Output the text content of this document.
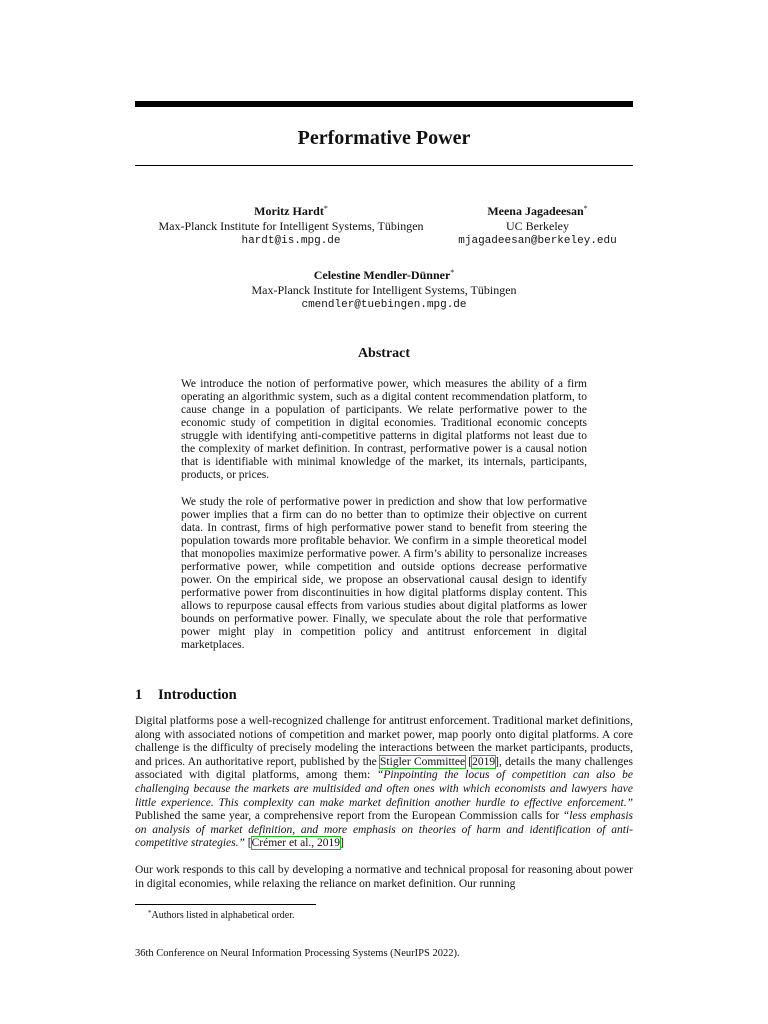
Performative Power
Moritz Hardt*
Max-Planck Institute for Intelligent Systems, Tübingen
hardt@is.mpg.de
Meena Jagadeesan*
UC Berkeley
mjagadeesan@berkeley.edu
Celestine Mendler-Dünner*
Max-Planck Institute for Intelligent Systems, Tübingen
cmendler@tuebingen.mpg.de
Abstract

We introduce the notion of performative power, which measures the ability of a firm operating an algorithmic system, such as a digital content recommendation platform, to cause change in a population of participants. We relate performative power to the economic study of competition in digital economies. Traditional economic concepts struggle with identifying anti-competitive patterns in digital platforms not least due to the complexity of market definition. In contrast, performative power is a causal notion that is identifiable with minimal knowledge of the market, its internals, participants, products, or prices.

We study the role of performative power in prediction and show that low performative power implies that a firm can do no better than to optimize their objective on current data. In contrast, firms of high performative power stand to benefit from steering the population towards more profitable behavior. We confirm in a simple theoretical model that monopolies maximize performative power. A firm’s ability to personalize increases performative power, while competition and outside options decrease performative power. On the empirical side, we propose an observational causal design to identify performative power from discontinuities in how digital platforms display content. This allows to repurpose causal effects from various studies about digital platforms as lower bounds on performative power. Finally, we speculate about the role that performative power might play in competition policy and antitrust enforcement in digital marketplaces.

1 Introduction

Digital platforms pose a well-recognized challenge for antitrust enforcement. Traditional market definitions, along with associated notions of competition and market power, map poorly onto digital platforms. A core challenge is the difficulty of precisely modeling the interactions between the market participants, products, and prices. An authoritative report, published by the Stigler Committee [2019], details the many challenges associated with digital platforms, among them: “Pinpointing the locus of competition can also be challenging because the markets are multisided and often ones with which economists and lawyers have little experience. This complexity can make market definition another hurdle to effective enforcement.” Published the same year, a comprehensive report from the European Commission calls for “less emphasis on analysis of market definition, and more emphasis on theories of harm and identification of anti-competitive strategies.” [Crémer et al., 2019]

Our work responds to this call by developing a normative and technical proposal for reasoning about power in digital economies, while relaxing the reliance on market definition. Our running

*Authors listed in alphabetical order.
36th Conference on Neural Information Processing Systems (NeurIPS 2022).
